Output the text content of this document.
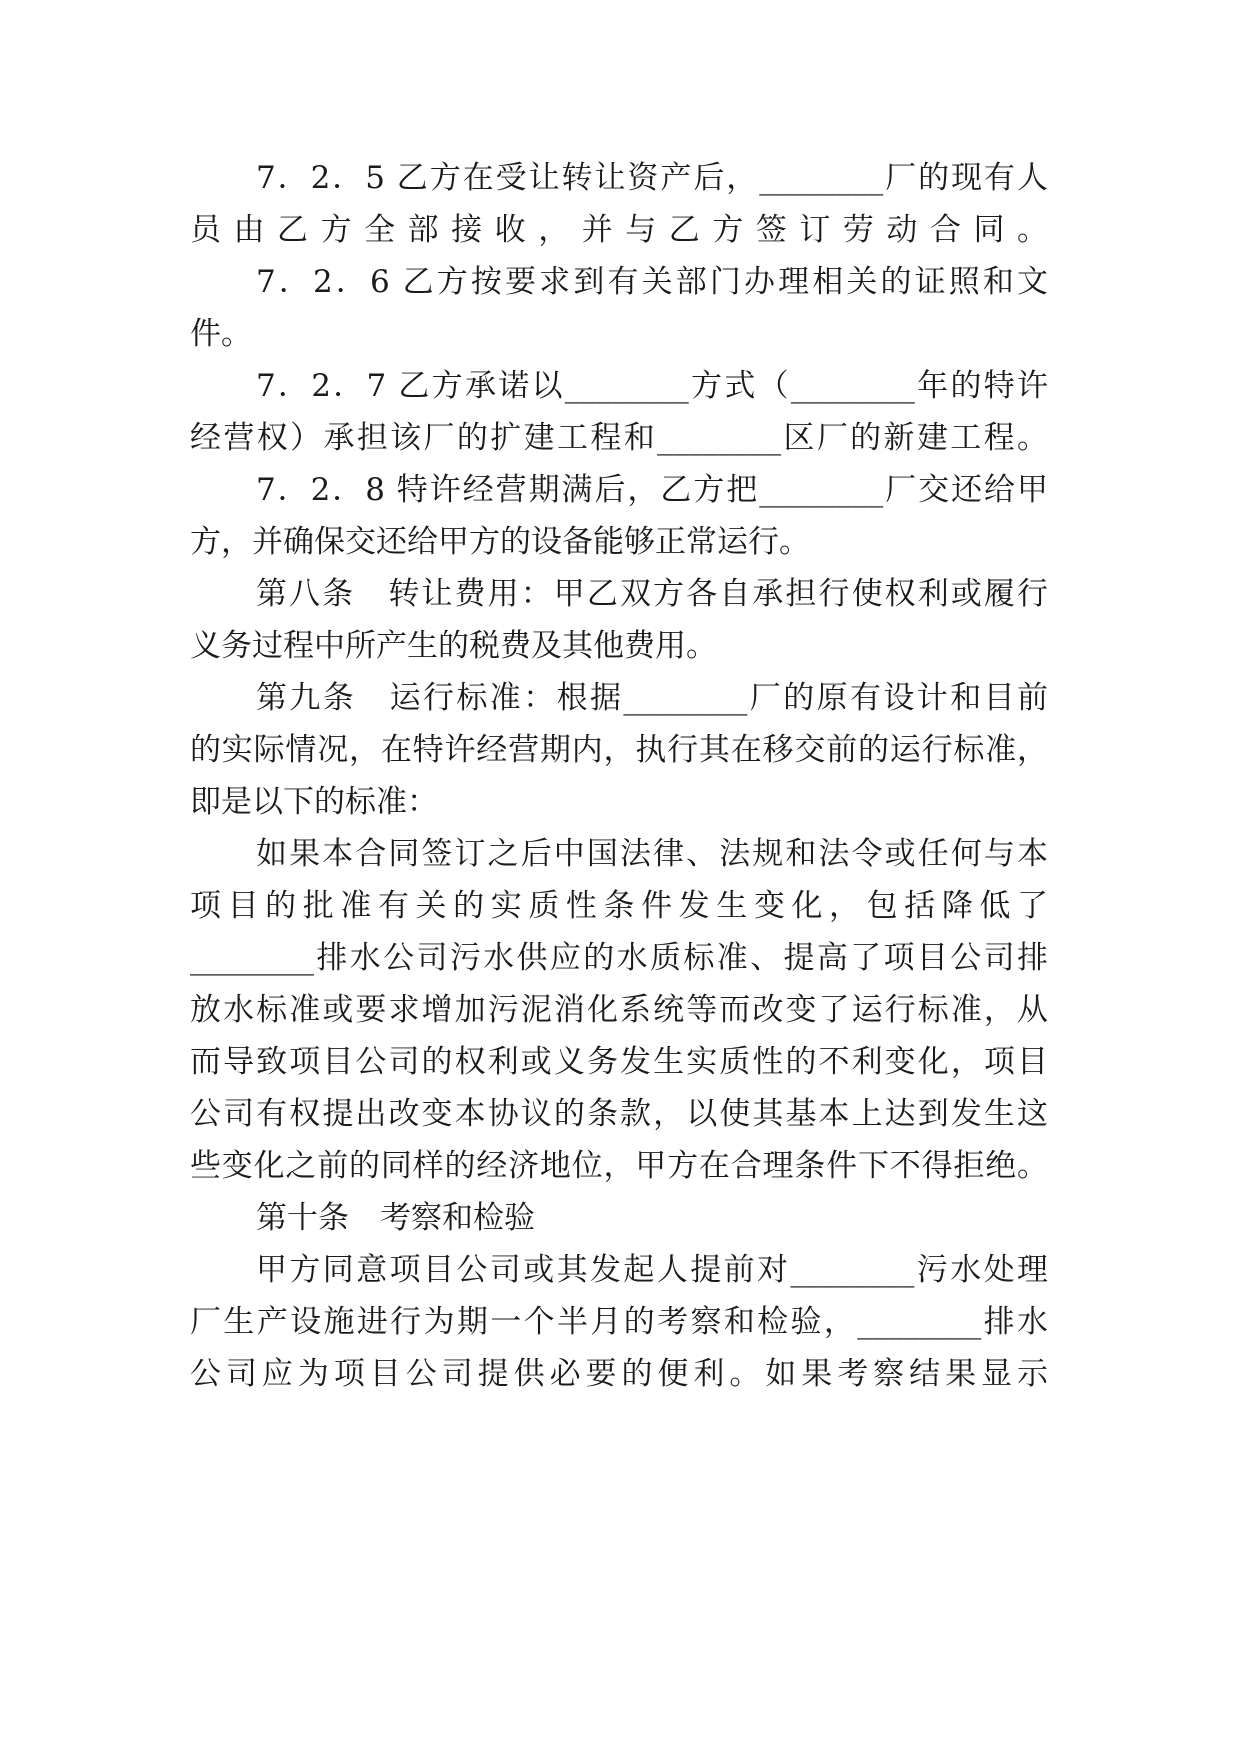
7．2．5 乙方在受让转让资产后，________厂的现有人
员由乙方全部接收，并与乙方签订劳动合同。
7．2．6 乙方按要求到有关部门办理相关的证照和文
件。
7．2．7 乙方承诺以________方式（________年的特许
经营权）承担该厂的扩建工程和________区厂的新建工程。
7．2．8 特许经营期满后，乙方把________厂交还给甲
方，并确保交还给甲方的设备能够正常运行。
第八条　转让费用：甲乙双方各自承担行使权利或履行
义务过程中所产生的税费及其他费用。
第九条　运行标准：根据________厂的原有设计和目前
的实际情况，在特许经营期内，执行其在移交前的运行标准，
即是以下的标准：
如果本合同签订之后中国法律、法规和法令或任何与本
项目的批准有关的实质性条件发生变化，包括降低了
________排水公司污水供应的水质标准、提高了项目公司排
放水标准或要求增加污泥消化系统等而改变了运行标准，从
而导致项目公司的权利或义务发生实质性的不利变化，项目
公司有权提出改变本协议的条款，以使其基本上达到发生这
些变化之前的同样的经济地位，甲方在合理条件下不得拒绝。
第十条　考察和检验
甲方同意项目公司或其发起人提前对________污水处理
厂生产设施进行为期一个半月的考察和检验，________排水
公司应为项目公司提供必要的便利。如果考察结果显示
